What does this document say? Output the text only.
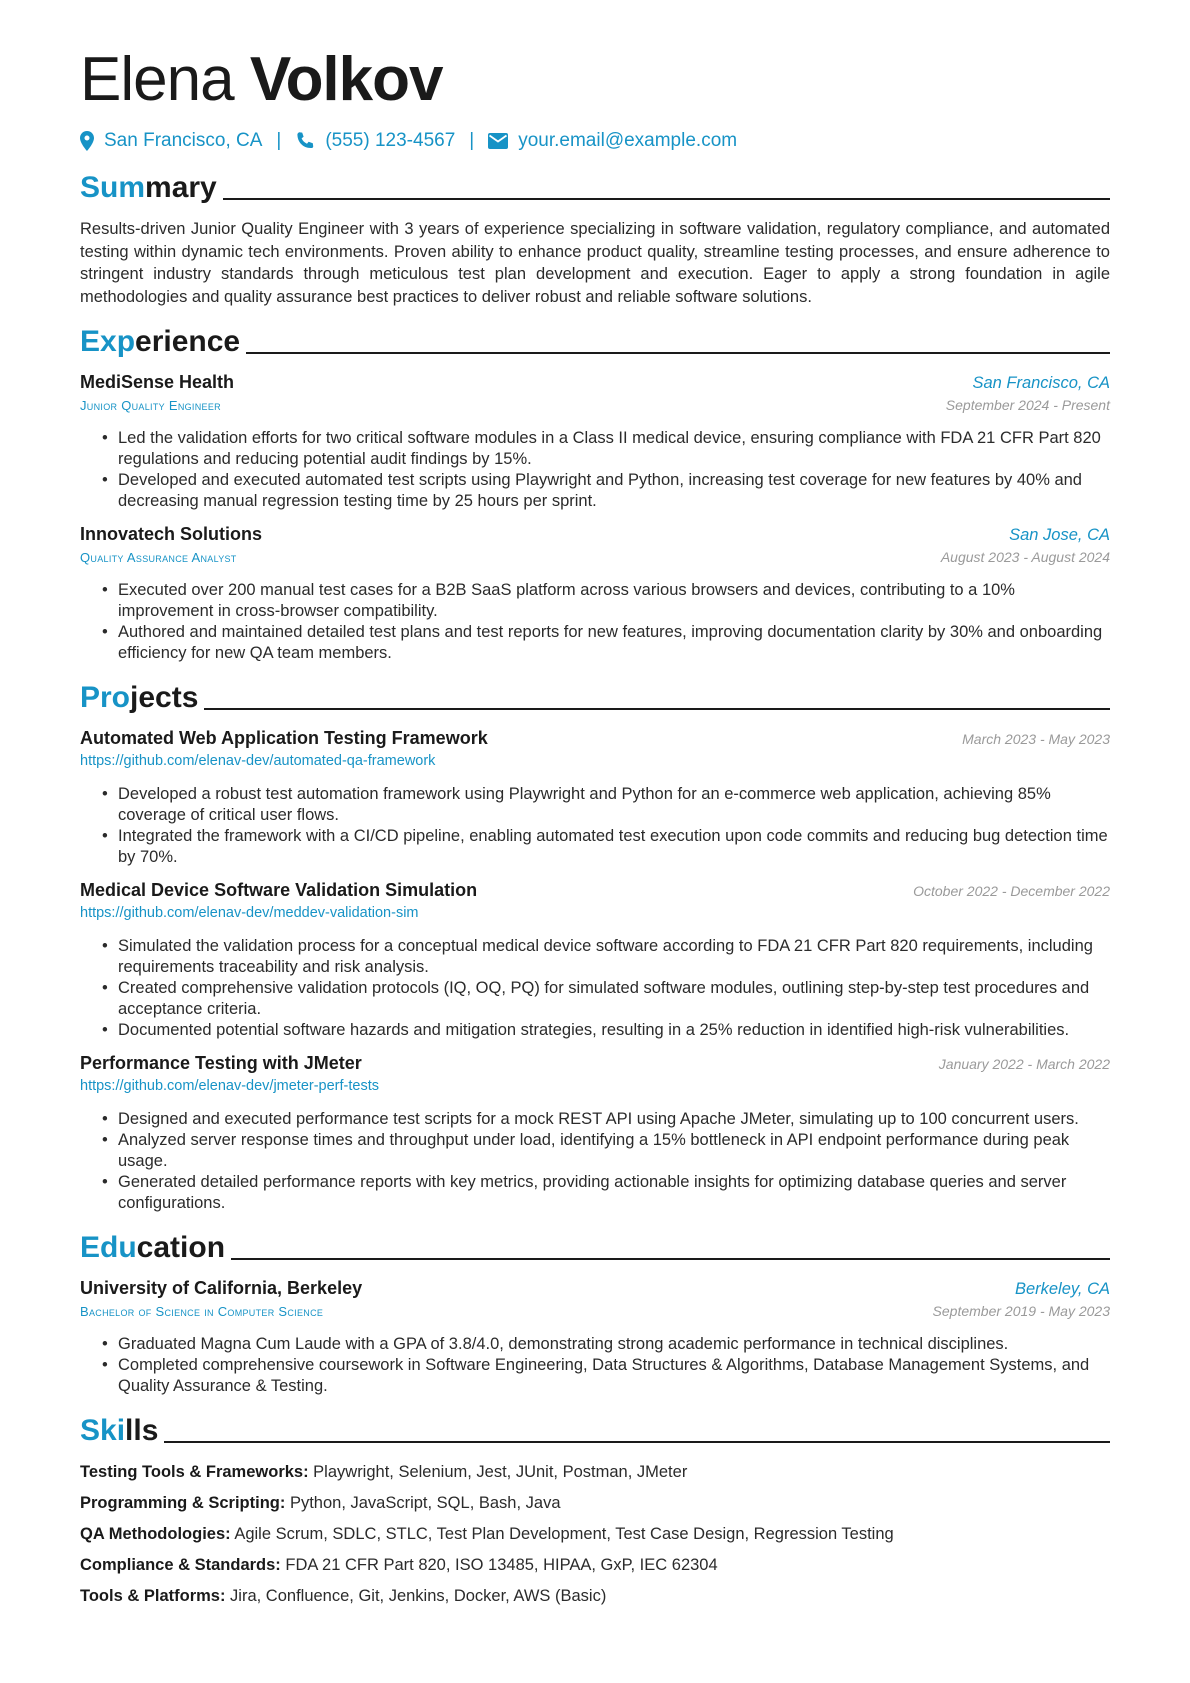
Elena Volkov
San Francisco, CA | (555) 123-4567 | your.email@example.com
Summary

Results-driven Junior Quality Engineer with 3 years of experience specializing in software validation, regulatory compliance, and automated testing within dynamic tech environments. Proven ability to enhance product quality, streamline testing processes, and ensure adherence to stringent industry standards through meticulous test plan development and execution. Eager to apply a strong foundation in agile methodologies and quality assurance best practices to deliver robust and reliable software solutions.

Experience
MediSense Health	San Francisco, CA
Junior Quality Engineer	September 2024 - Present
• Led the validation efforts for two critical software modules in a Class II medical device, ensuring compliance with FDA 21 CFR Part 820 regulations and reducing potential audit findings by 15%.
• Developed and executed automated test scripts using Playwright and Python, increasing test coverage for new features by 40% and decreasing manual regression testing time by 25 hours per sprint.
Innovatech Solutions	San Jose, CA
Quality Assurance Analyst	August 2023 - August 2024
• Executed over 200 manual test cases for a B2B SaaS platform across various browsers and devices, contributing to a 10% improvement in cross-browser compatibility.
• Authored and maintained detailed test plans and test reports for new features, improving documentation clarity by 30% and onboarding efficiency for new QA team members.
Projects
Automated Web Application Testing Framework	March 2023 - May 2023
https://github.com/elenav-dev/automated-qa-framework
• Developed a robust test automation framework using Playwright and Python for an e-commerce web application, achieving 85% coverage of critical user flows.
• Integrated the framework with a CI/CD pipeline, enabling automated test execution upon code commits and reducing bug detection time by 70%.
Medical Device Software Validation Simulation	October 2022 - December 2022
https://github.com/elenav-dev/meddev-validation-sim
• Simulated the validation process for a conceptual medical device software according to FDA 21 CFR Part 820 requirements, including requirements traceability and risk analysis.
• Created comprehensive validation protocols (IQ, OQ, PQ) for simulated software modules, outlining step-by-step test procedures and acceptance criteria.
• Documented potential software hazards and mitigation strategies, resulting in a 25% reduction in identified high-risk vulnerabilities.
Performance Testing with JMeter	January 2022 - March 2022
https://github.com/elenav-dev/jmeter-perf-tests
• Designed and executed performance test scripts for a mock REST API using Apache JMeter, simulating up to 100 concurrent users.
• Analyzed server response times and throughput under load, identifying a 15% bottleneck in API endpoint performance during peak usage.
• Generated detailed performance reports with key metrics, providing actionable insights for optimizing database queries and server configurations.
Education
University of California, Berkeley	Berkeley, CA
Bachelor of Science in Computer Science	September 2019 - May 2023
• Graduated Magna Cum Laude with a GPA of 3.8/4.0, demonstrating strong academic performance in technical disciplines.
• Completed comprehensive coursework in Software Engineering, Data Structures & Algorithms, Database Management Systems, and Quality Assurance & Testing.
Skills
Testing Tools & Frameworks: Playwright, Selenium, Jest, JUnit, Postman, JMeter
Programming & Scripting: Python, JavaScript, SQL, Bash, Java
QA Methodologies: Agile Scrum, SDLC, STLC, Test Plan Development, Test Case Design, Regression Testing
Compliance & Standards: FDA 21 CFR Part 820, ISO 13485, HIPAA, GxP, IEC 62304
Tools & Platforms: Jira, Confluence, Git, Jenkins, Docker, AWS (Basic)
